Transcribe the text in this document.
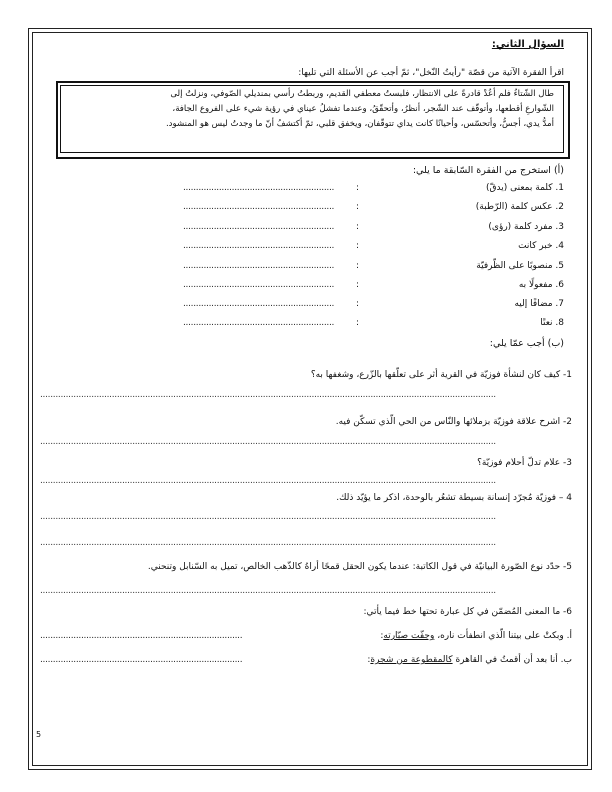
السؤال الثاني:
اقرأ الفقرة الآتية من قصّة "رأيتُ النّخل"، ثمّ أجب عن الأسئلة التي تليها:
طال الشّتاءُ فلم أعُدْ قادرةً على الانتظار، فلبستُ معطفي القديم، وربطتُ رأسي بمنديلي الصّوفي، ونزلتُ إلى
الشّوارعِ أقطعها، وأتوقّف عند الشّجر، أنظرُ، وأتحقّقُ، وعندما تفشلُ عيناي في رؤية شيء على الفروع الجافة،
أمدُّ يدي، أجسُّ، وأتحسّس، وأحيانًا كانت يداي تتوقّفان، ويخفق قلبي، ثمّ أكتشفُ أنّ ما وجدتُ ليس هو المنشود.
(أ) استخرج من الفقرة السّابقة ما يلي:
1. كلمة بمعنى (يدقّ)
:
...........................................................
2. عكس كلمة (الرّطبة)
:
...........................................................
3. مفرد كلمة (رؤى)
:
...........................................................
4. خبر كانت
:
...........................................................
5. منصوبًا على الظّرفيّة
:
...........................................................
6. مفعولًا به
:
...........................................................
7. مضافًا إليه
:
...........................................................
8. نعتًا
:
...........................................................
(ب) أجب عمّا يلي:
1- كيف كان لنشأة فوزيّة في القرية أثر على تعلّقها بالزّرع، وشغفها به؟
..................................................................................................................................................................................
2- اشرح علاقة فوزيّة بزملائها والنّاس من الحي الّذي تسكّن فيه.
..................................................................................................................................................................................
3- علام تدلّ أحلام فوزيّة؟
..................................................................................................................................................................................
4 – فوزيّة مُجرّد إنسانة بسيطة تشعُر بالوحدة، اذكر ما يؤيّد ذلك.
..................................................................................................................................................................................
..................................................................................................................................................................................
5- حدّد نوع الصّورة البيانيّة في قول الكاتبة: عندما يكون الحقل قمحًا أراهُ كالذّهب الخالص، تميل به السّنابل وتنحني.
..................................................................................................................................................................................
6- ما المعنى المُضمّن في كل عبارة تحتها خط فيما يأتي:
أ. وبكتْ على بيتنا الّذي انطفأت ناره، وجفّت صبّارته:
...............................................................................
ب. أنا بعد أن أقمتُ في القاهرة كالمقطوعة من شجرة:
...............................................................................
5
